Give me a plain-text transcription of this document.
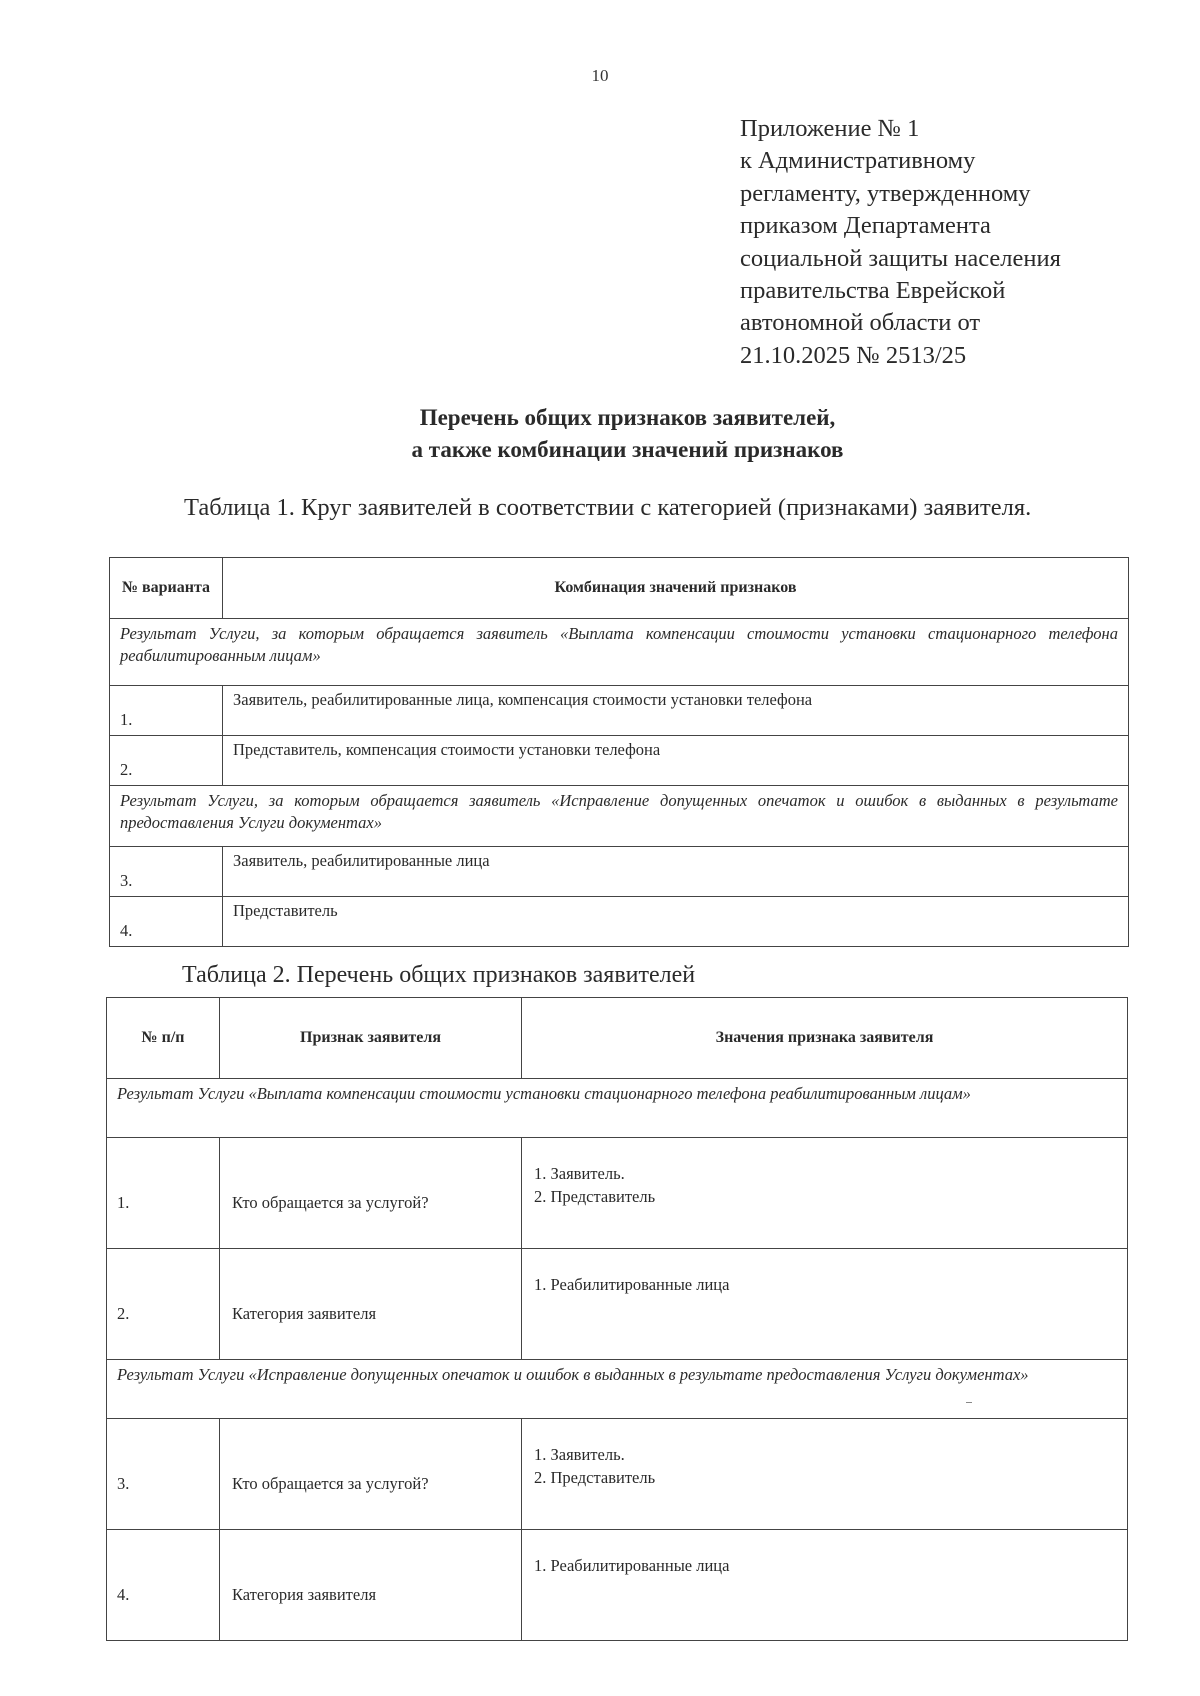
10
Приложение № 1
к Административному
регламенту, утвержденному
приказом Департамента
социальной защиты населения
правительства Еврейской
автономной области от
21.10.2025 № 2513/25
Перечень общих признаков заявителей,
а также комбинации значений признаков
Таблица 1. Круг заявителей в соответствии с категорией (признаками) заявителя.
№ варианта	Комбинация значений признаков
Результат Услуги, за которым обращается заявитель «Выплата компенсации стоимости установки стационарного телефона реабилитированным лицам»	
1.	Заявитель, реабилитированные лица, компенсация стоимости установки телефона
2.	Представитель, компенсация стоимости установки телефона
Результат Услуги, за которым обращается заявитель «Исправление допущенных опечаток и ошибок в выданных в результате предоставления Услуги документах»	
3.	Заявитель, реабилитированные лица
4.	Представитель
Таблица 2. Перечень общих признаков заявителей
№ п/п	Признак заявителя	Значения признака заявителя
Результат Услуги «Выплата компенсации стоимости установки стационарного телефона реабилитированным лицам»		
1.	Кто обращается за услугой?	1. Заявитель.
2. Представитель

2.	Категория заявителя	1. Реабилитированные лица

Результат Услуги «Исправление допущенных опечаток и ошибок в выданных в результате предоставления Услуги документах»		
3.	Кто обращается за услугой?	1. Заявитель.
2. Представитель

4.	Категория заявителя	1. Реабилитированные лица
